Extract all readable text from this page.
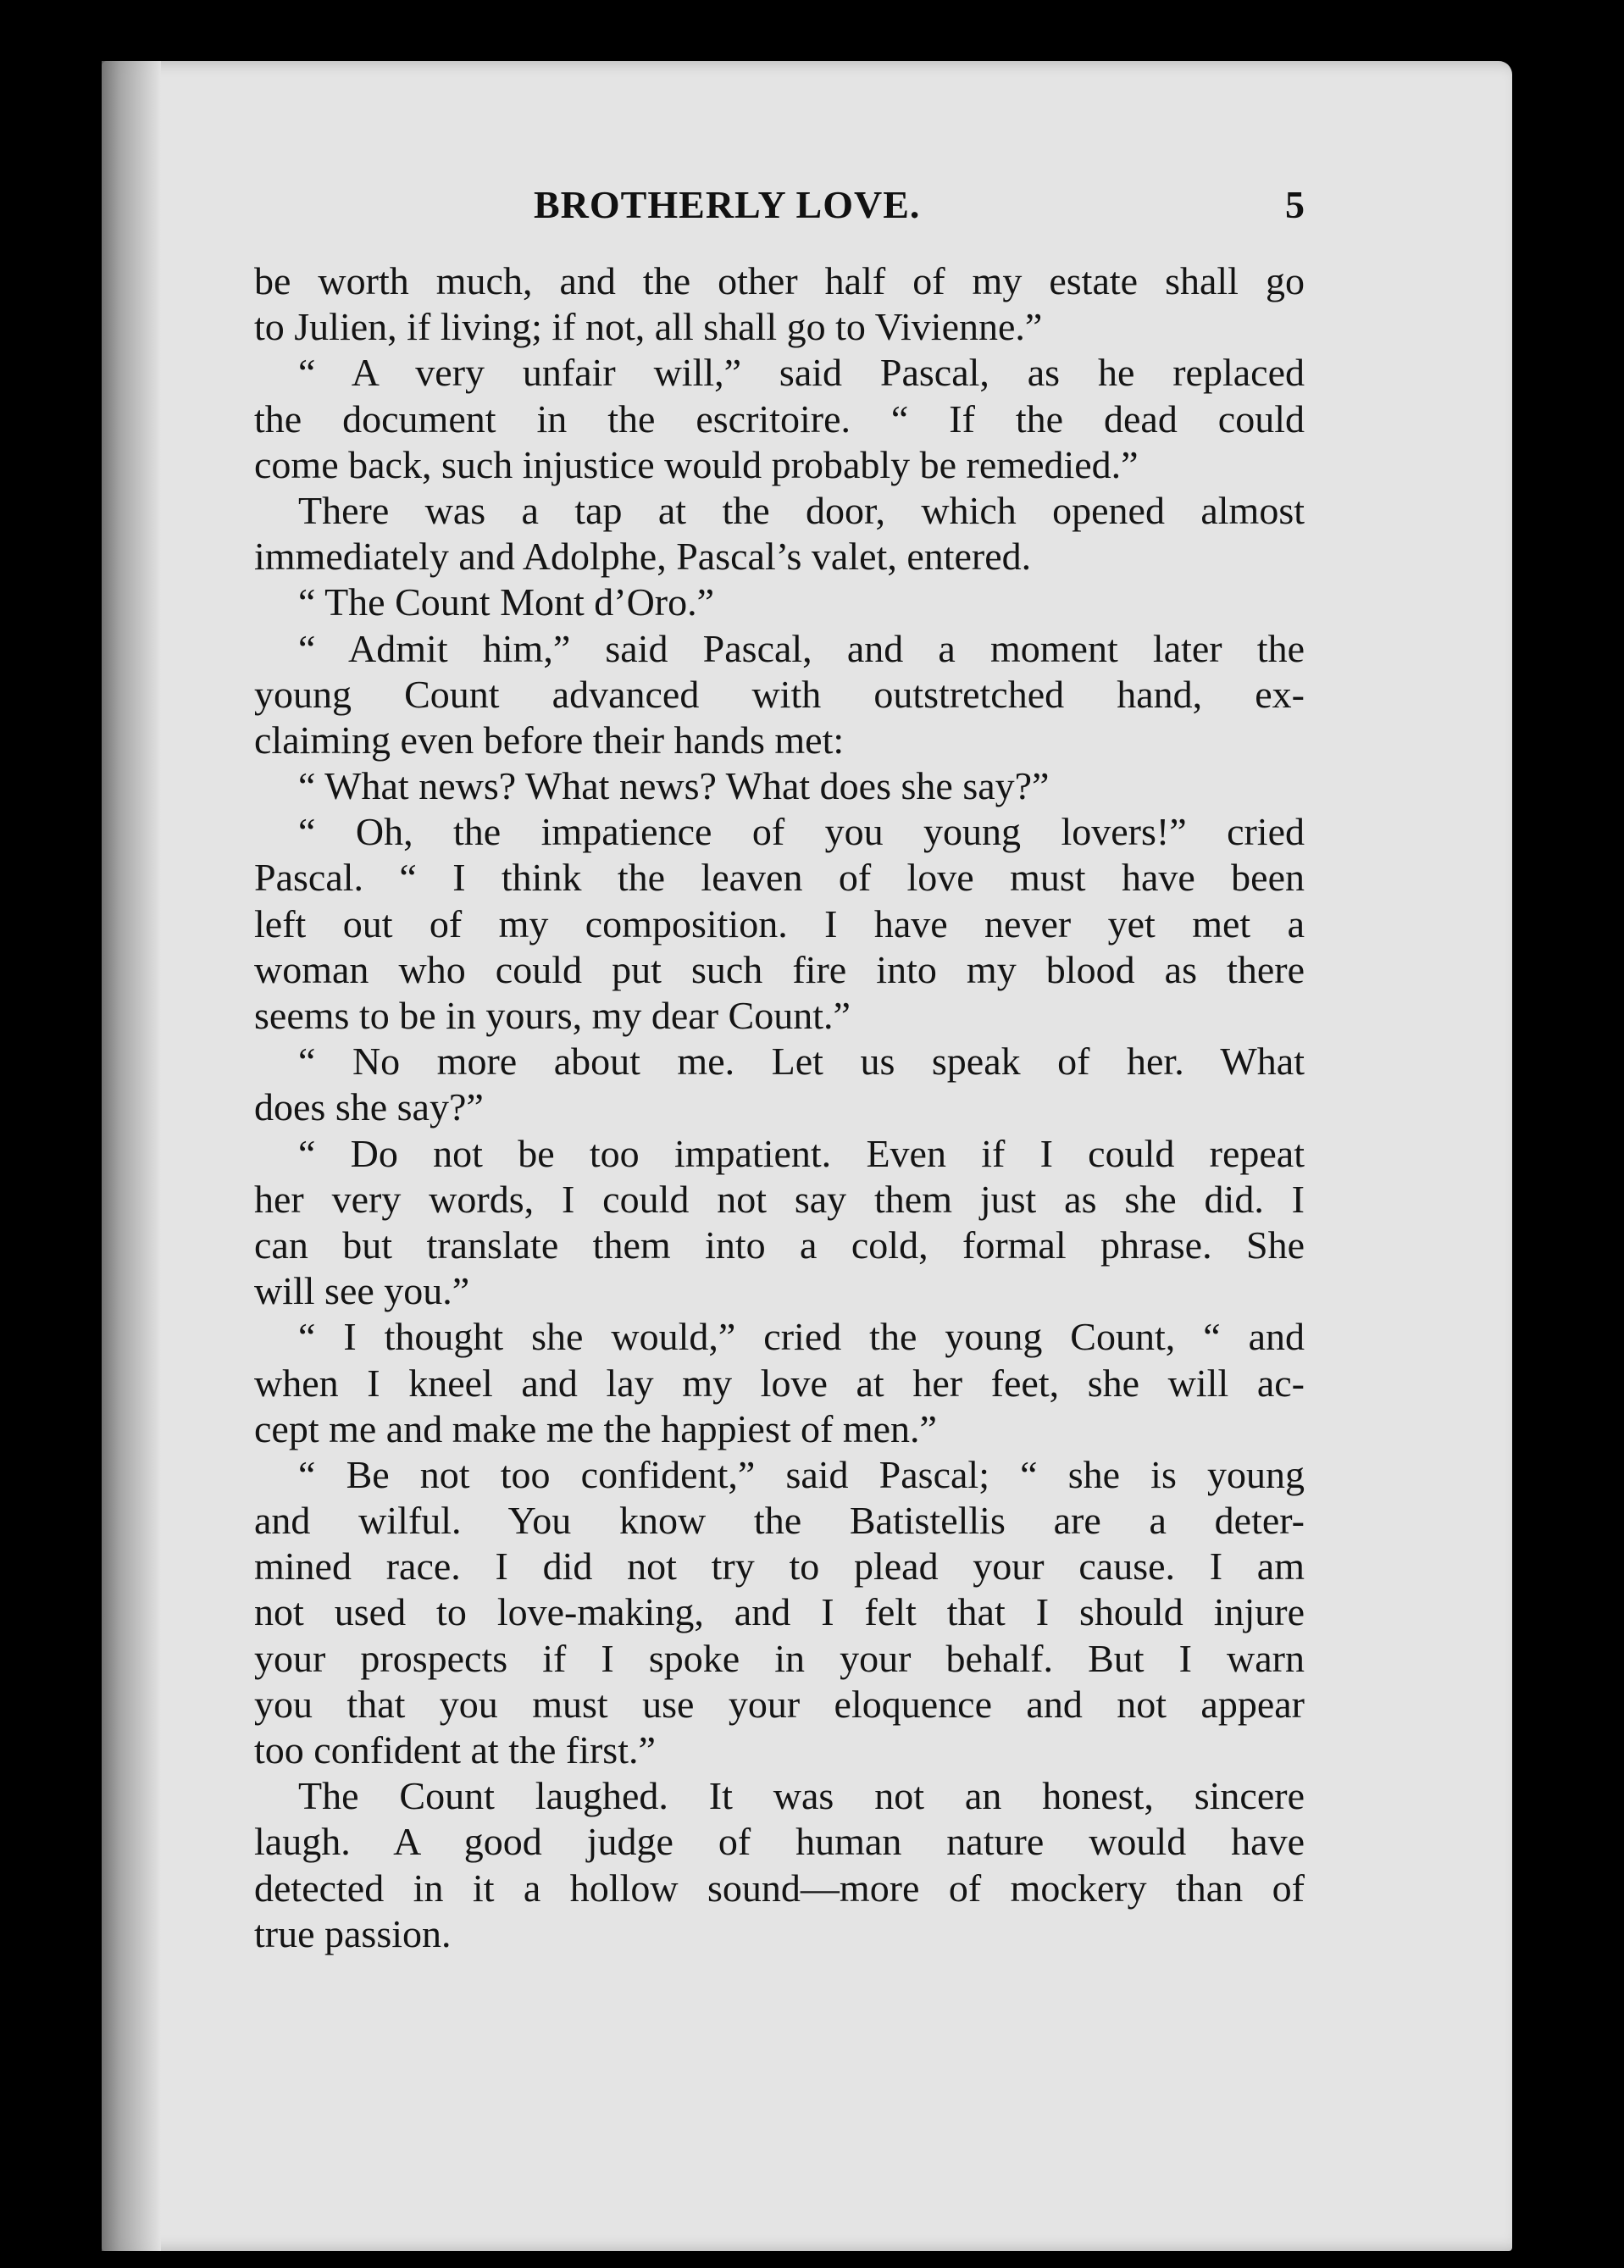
BROTHERLY LOVE.	5
be worth much, and the other half of my estate shall go
to Julien, if living; if not, all shall go to Vivienne.”
“ A very unfair will,” said Pascal, as he replaced
the document in the escritoire. “ If the dead could
come back, such injustice would probably be remedied.”
There was a tap at the door, which opened almost
immediately and Adolphe, Pascal’s valet, entered.
“ The Count Mont d’Oro.”
“ Admit him,” said Pascal, and a moment later the
young Count advanced with outstretched hand, ex-
claiming even before their hands met:
“ What news? What news? What does she say?”
“ Oh, the impatience of you young lovers!” cried
Pascal. “ I think the leaven of love must have been
left out of my composition. I have never yet met a
woman who could put such fire into my blood as there
seems to be in yours, my dear Count.”
“ No more about me. Let us speak of her. What
does she say?”
“ Do not be too impatient. Even if I could repeat
her very words, I could not say them just as she did. I
can but translate them into a cold, formal phrase. She
will see you.”
“ I thought she would,” cried the young Count, “ and
when I kneel and lay my love at her feet, she will ac-
cept me and make me the happiest of men.”
“ Be not too confident,” said Pascal; “ she is young
and wilful. You know the Batistellis are a deter-
mined race. I did not try to plead your cause. I am
not used to love-making, and I felt that I should injure
your prospects if I spoke in your behalf. But I warn
you that you must use your eloquence and not appear
too confident at the first.”
The Count laughed. It was not an honest, sincere
laugh. A good judge of human nature would have
detected in it a hollow sound—more of mockery than of
true passion.
